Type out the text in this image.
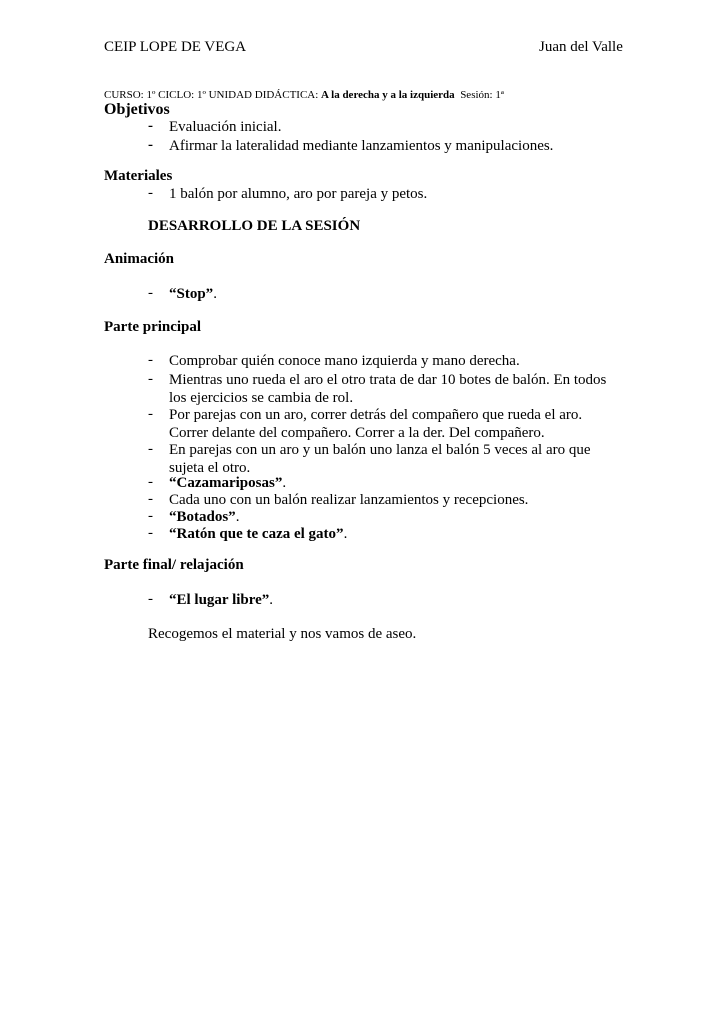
CEIP LOPE DE VEGA	Juan del Valle
CURSO: 1º CICLO: 1º UNIDAD DIDÁCTICA: A la derecha y a la izquierda Sesión: 1ª
Objetivos
- Evaluación inicial.
- Afirmar la lateralidad mediante lanzamientos y manipulaciones.
Materiales
- 1 balón por alumno, aro por pareja y petos.
DESARROLLO DE LA SESIÓN
Animación
- “Stop”.
Parte principal
- Comprobar quién conoce mano izquierda y mano derecha.
- Mientras uno rueda el aro el otro trata de dar 10 botes de balón. En todos los ejercicios se cambia de rol.
- Por parejas con un aro, correr detrás del compañero que rueda el aro. Correr delante del compañero. Correr a la der. Del compañero.
- En parejas con un aro y un balón uno lanza el balón 5 veces al aro que sujeta el otro.
- “Cazamariposas”.
- Cada uno con un balón realizar lanzamientos y recepciones.
- “Botados”.
- “Ratón que te caza el gato”.
Parte final/ relajación
- “El lugar libre”.
Recogemos el material y nos vamos de aseo.
